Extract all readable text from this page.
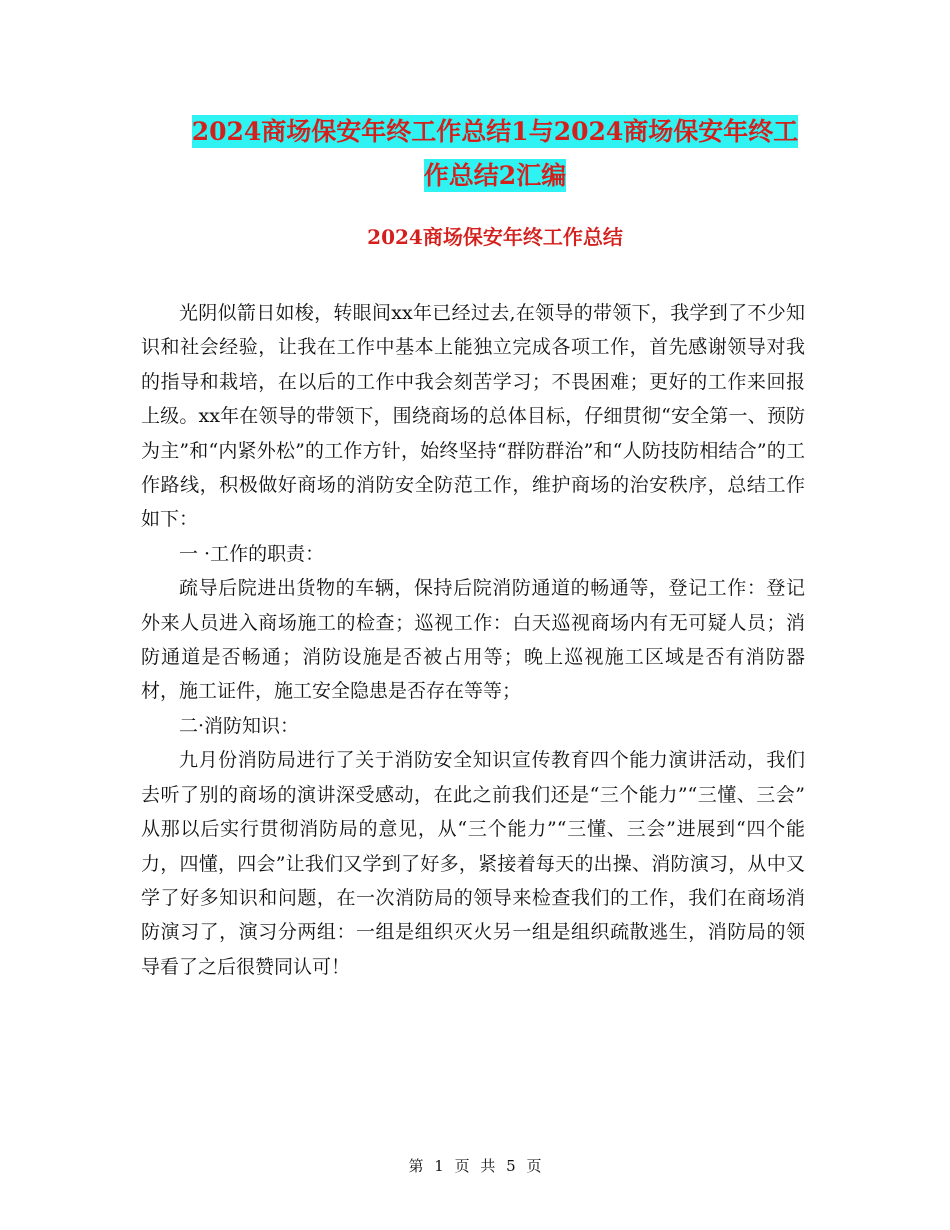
2024商场保安年终工作总结1与2024商场保安年终工
作总结2汇编
2024商场保安年终工作总结

光阴似箭日如梭，转眼间xx年已经过去,在领导的带领下，我学到了不少知识和社会经验，让我在工作中基本上能独立完成各项工作，首先感谢领导对我的指导和栽培，在以后的工作中我会刻苦学习；不畏困难；更好的工作来回报上级。xx年在领导的带领下，围绕商场的总体目标，仔细贯彻“安全第一、预防为主”和“内紧外松”的工作方针，始终坚持“群防群治”和“人防技防相结合”的工作路线，积极做好商场的消防安全防范工作，维护商场的治安秩序，总结工作如下：

一 ·工作的职责：

疏导后院进出货物的车辆，保持后院消防通道的畅通等，登记工作：登记外来人员进入商场施工的检查；巡视工作：白天巡视商场内有无可疑人员；消防通道是否畅通；消防设施是否被占用等；晚上巡视施工区域是否有消防器材，施工证件，施工安全隐患是否存在等等；

二·消防知识：

九月份消防局进行了关于消防安全知识宣传教育四个能力演讲活动，我们去听了别的商场的演讲深受感动，在此之前我们还是“三个能力”“三懂、三会” 从那以后实行贯彻消防局的意见，从“三个能力”“三懂、三会”进展到“四个能力，四懂，四会”让我们又学到了好多，紧接着每天的出操、消防演习，从中又学了好多知识和问题，在一次消防局的领导来检查我们的工作，我们在商场消防演习了，演习分两组：一组是组织灭火另一组是组织疏散逃生，消防局的领导看了之后很赞同认可！

第 1 页 共 5 页
